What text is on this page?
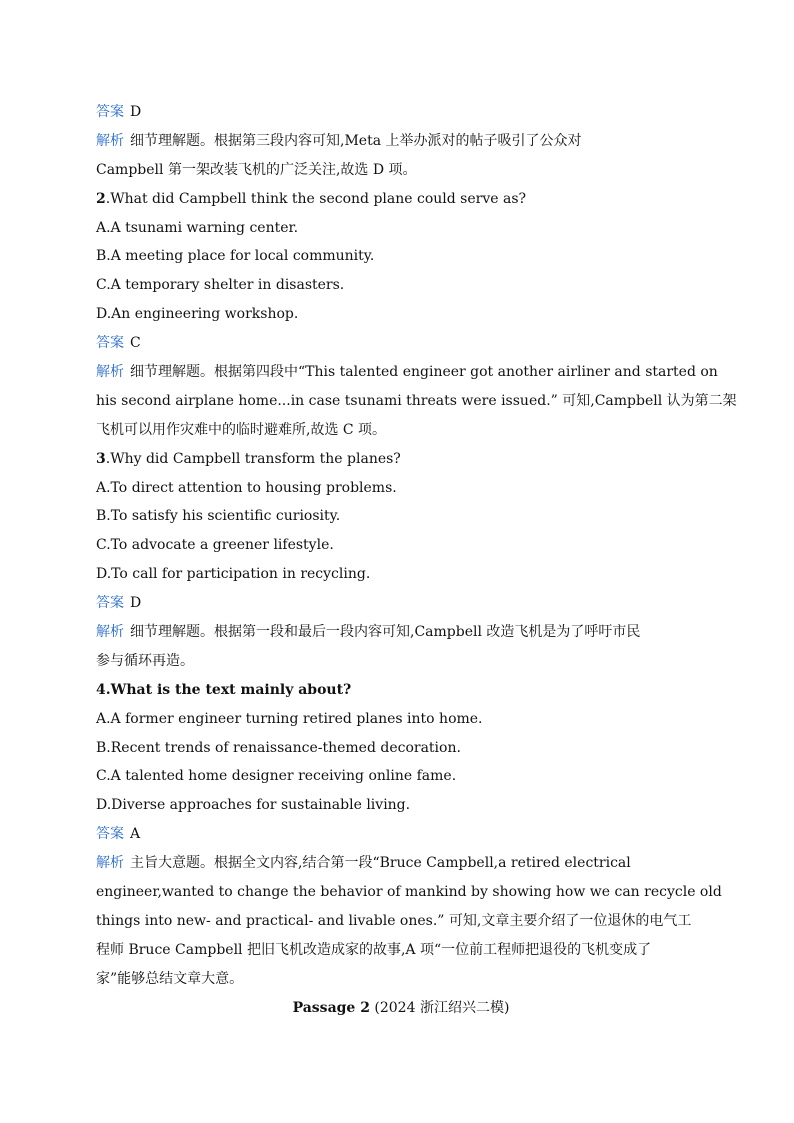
答案 D
解析 细节理解题。根据第三段内容可知,Meta 上举办派对的帖子吸引了公众对
Campbell 第一架改装飞机的广泛关注,故选 D 项。
2.What did Campbell think the second plane could serve as?
A.A tsunami warning center.
B.A meeting place for local community.
C.A temporary shelter in disasters.
D.An engineering workshop.
答案 C
解析 细节理解题。根据第四段中“This talented engineer got another airliner and started on
his second airplane home...in case tsunami threats were issued.” 可知,Campbell 认为第二架
飞机可以用作灾难中的临时避难所,故选 C 项。
3.Why did Campbell transform the planes?
A.To direct attention to housing problems.
B.To satisfy his scientific curiosity.
C.To advocate a greener lifestyle.
D.To call for participation in recycling.
答案 D
解析 细节理解题。根据第一段和最后一段内容可知,Campbell 改造飞机是为了呼吁市民
参与循环再造。
4.What is the text mainly about?
A.A former engineer turning retired planes into home.
B.Recent trends of renaissance-themed decoration.
C.A talented home designer receiving online fame.
D.Diverse approaches for sustainable living.
答案 A
解析 主旨大意题。根据全文内容,结合第一段“Bruce Campbell,a retired electrical
engineer,wanted to change the behavior of mankind by showing how we can recycle old
things into new- and practical- and livable ones.” 可知,文章主要介绍了一位退休的电气工
程师 Bruce Campbell 把旧飞机改造成家的故事,A 项“一位前工程师把退役的飞机变成了
家”能够总结文章大意。
Passage 2 (2024 浙江绍兴二模)
